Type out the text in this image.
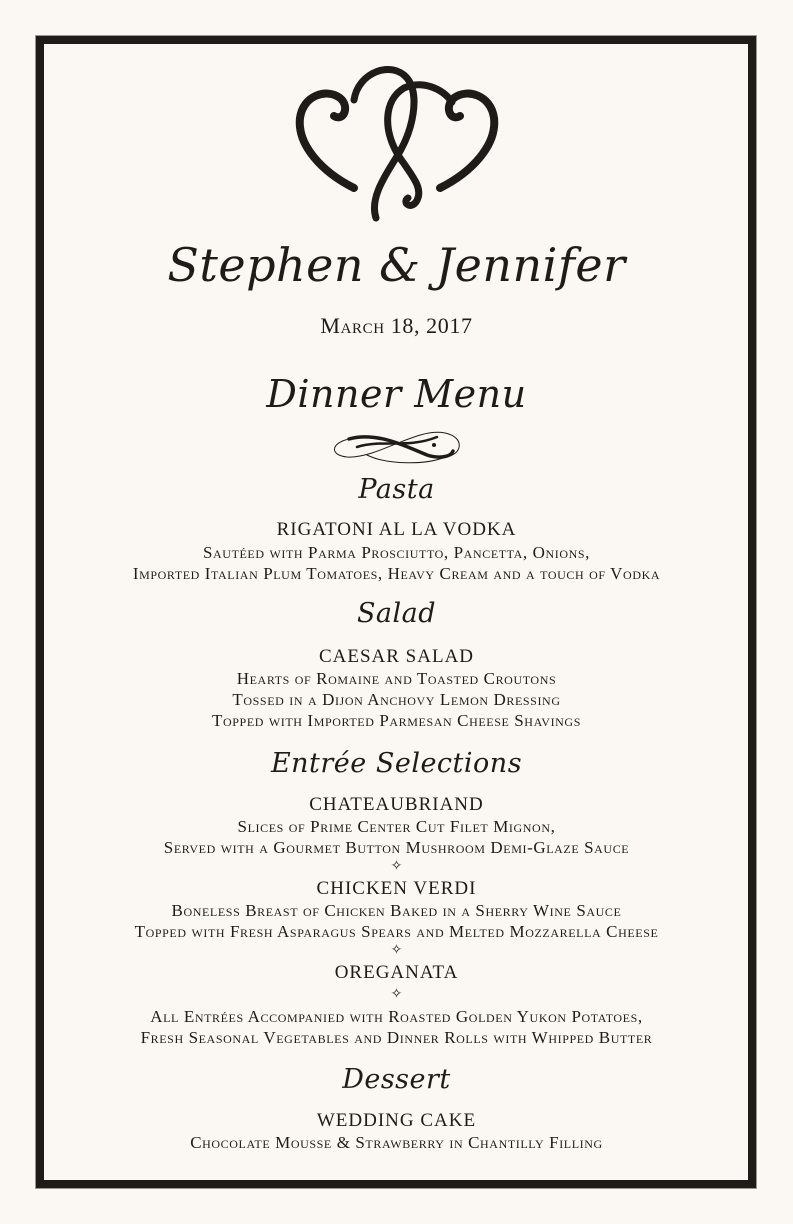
Stephen & Jennifer
March 18, 2017
Dinner Menu
Pasta
RIGATONI AL LA VODKA
Sautéed with Parma Prosciutto, Pancetta, Onions,
Imported Italian Plum Tomatoes, Heavy Cream and a touch of Vodka
Salad
CAESAR SALAD
Hearts of Romaine and Toasted Croutons
Tossed in a Dijon Anchovy Lemon Dressing
Topped with Imported Parmesan Cheese Shavings
Entrée Selections
CHATEAUBRIAND
Slices of Prime Center Cut Filet Mignon,
Served with a Gourmet Button Mushroom Demi-Glaze Sauce
✧
CHICKEN VERDI
Boneless Breast of Chicken Baked in a Sherry Wine Sauce
Topped with Fresh Asparagus Spears and Melted Mozzarella Cheese
✧
OREGANATA
✧
All Entrées Accompanied with Roasted Golden Yukon Potatoes,
Fresh Seasonal Vegetables and Dinner Rolls with Whipped Butter
Dessert
WEDDING CAKE
Chocolate Mousse & Strawberry in Chantilly Filling
